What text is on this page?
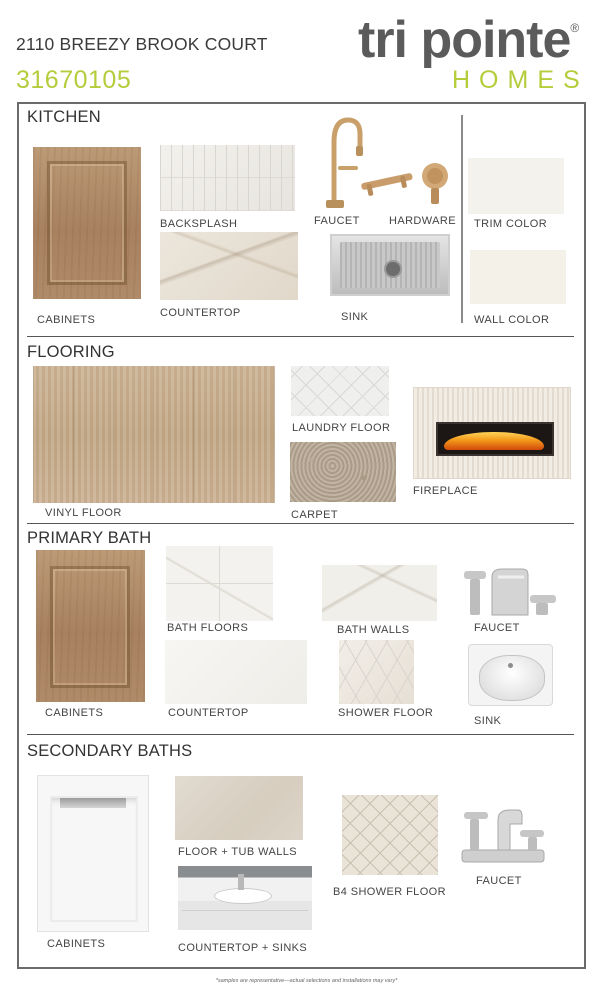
2110 BREEZY BROOK COURT
31670105
tri pointe®
HOMES
KITCHEN
CABINETS
BACKSPLASH
COUNTERTOP
FAUCET	HARDWARE
SINK
TRIM COLOR
WALL COLOR
FLOORING
VINYL FLOOR
LAUNDRY FLOOR
CARPET
FIREPLACE
PRIMARY BATH
CABINETS
BATH FLOORS
COUNTERTOP
BATH WALLS
SHOWER FLOOR
FAUCET
SINK
SECONDARY BATHS
CABINETS
FLOOR + TUB WALLS
COUNTERTOP + SINKS
B4 SHOWER FLOOR
FAUCET
*samples are representative—actual selections and installations may vary*
